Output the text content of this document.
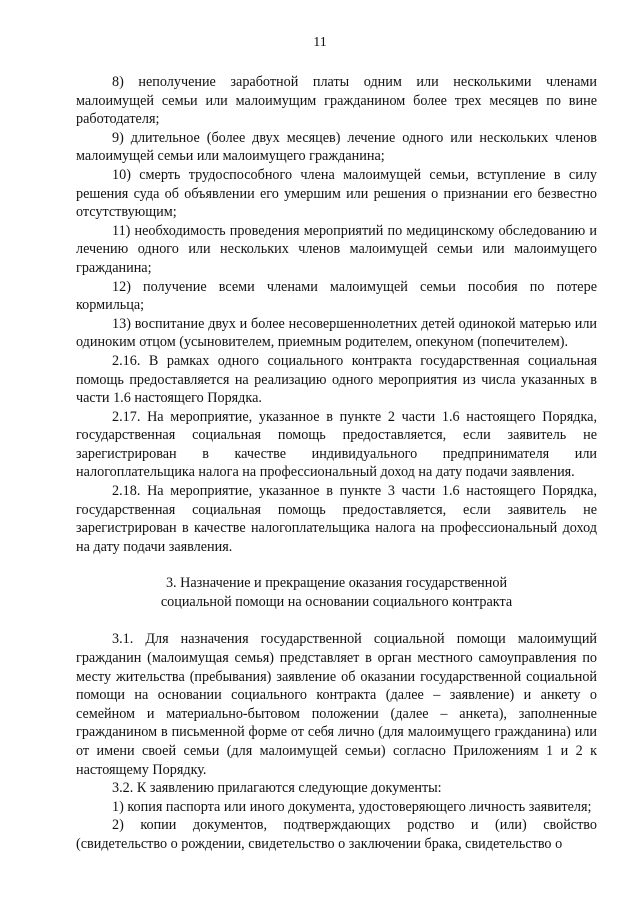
11

8) неполучение заработной платы одним или несколькими членами малоимущей семьи или малоимущим гражданином более трех месяцев по вине работодателя;

9) длительное (более двух месяцев) лечение одного или нескольких членов малоимущей семьи или малоимущего гражданина;

10) смерть трудоспособного члена малоимущей семьи, вступление в силу решения суда об объявлении его умершим или решения о признании его безвестно отсутствующим;

11) необходимость проведения мероприятий по медицинскому обследованию и лечению одного или нескольких членов малоимущей семьи или малоимущего гражданина;

12) получение всеми членами малоимущей семьи пособия по потере кормильца;

13) воспитание двух и более несовершеннолетних детей одинокой матерью или одиноким отцом (усыновителем, приемным родителем, опекуном (попечителем).

2.16. В рамках одного социального контракта государственная социальная помощь предоставляется на реализацию одного мероприятия из числа указанных в части 1.6 настоящего Порядка.

2.17. На мероприятие, указанное в пункте 2 части 1.6 настоящего Порядка, государственная социальная помощь предоставляется, если заявитель не зарегистрирован в качестве индивидуального предпринимателя или налогоплательщика налога на профессиональный доход на дату подачи заявления.

2.18. На мероприятие, указанное в пункте 3 части 1.6 настоящего Порядка, государственная социальная помощь предоставляется, если заявитель не зарегистрирован в качестве налогоплательщика налога на профессиональный доход на дату подачи заявления.

3. Назначение и прекращение оказания государственной
социальной помощи на основании социального контракта

3.1. Для назначения государственной социальной помощи малоимущий гражданин (малоимущая семья) представляет в орган местного самоуправления по месту жительства (пребывания) заявление об оказании государственной социальной помощи на основании социального контракта (далее – заявление) и анкету о семейном и материально-бытовом положении (далее – анкета), заполненные гражданином в письменной форме от себя лично (для малоимущего гражданина) или от имени своей семьи (для малоимущей семьи) согласно Приложениям 1 и 2 к настоящему Порядку.

3.2. К заявлению прилагаются следующие документы:

1) копия паспорта или иного документа, удостоверяющего личность заявителя;

2) копии документов, подтверждающих родство и (или) свойство (свидетельство о рождении, свидетельство о заключении брака, свидетельство о
